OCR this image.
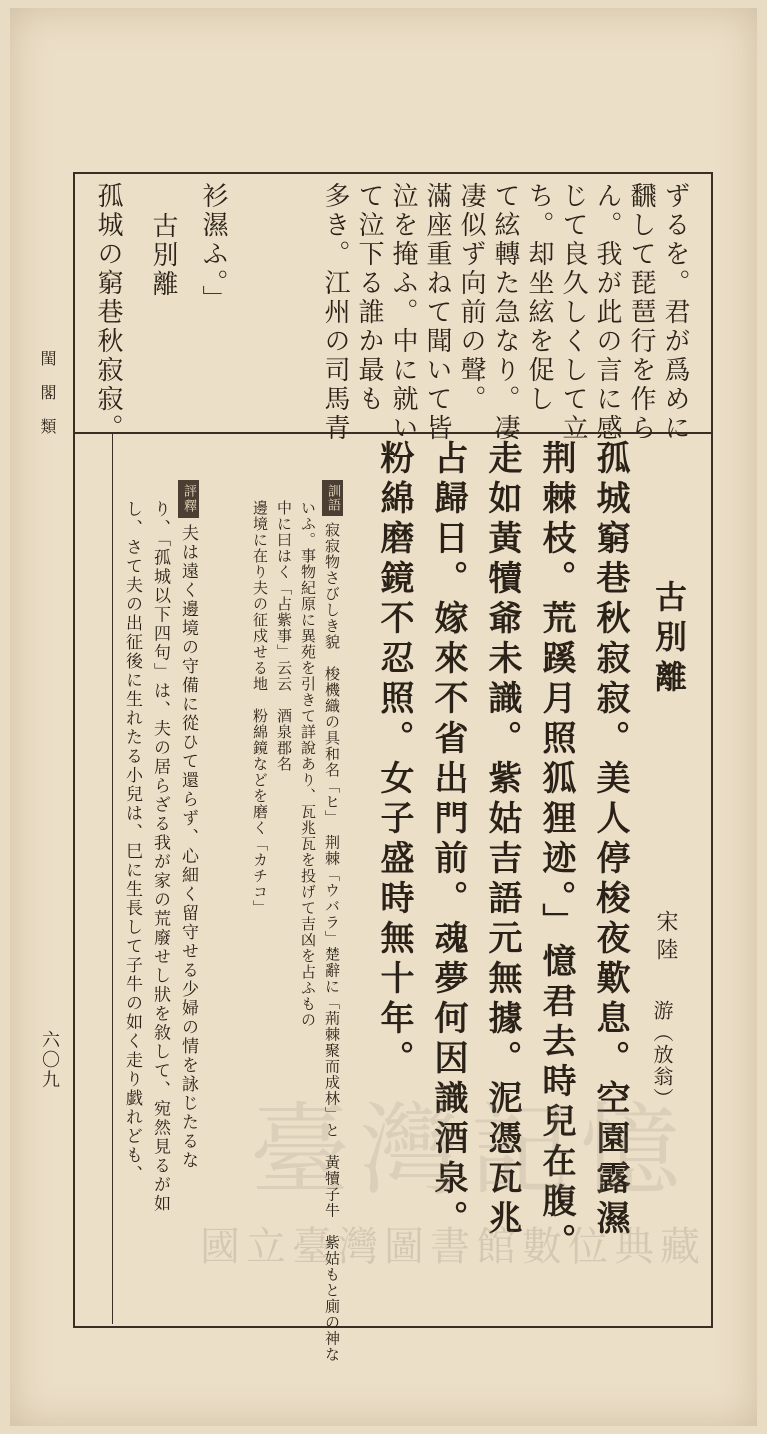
閨閣類
六〇九
ずるを。君が爲めに
飜して琵琶行を作ら
ん。我が此の言に感
じて良久しくして立
ち。却坐絃を促し
て絃轉た急なり。凄
凄似ず向前の聲。
滿座重ねて聞いて皆
泣を掩ふ。中に就い
て泣下る誰か最も
多き。江州の司馬青
衫濕ふ。」
古別離
孤城の窮巷秋寂寂。
古別離
宋陸
游（放翁）
孤城窮巷秋寂寂。美人停梭夜歎息。空園露濕
荆棘枝。荒蹊月照狐狸迹。」憶君去時兒在腹。
走如黃犢爺未識。紫姑吉語元無據。泥憑瓦兆
占歸日。嫁來不省出門前。魂夢何因識酒泉。
粉綿磨鏡不忍照。女子盛時無十年。
訓語寂寂物さびしき貌　梭機織の具和名「ヒ」　荆棘「ウバラ」楚辭に「荊棘聚而成林」と　黃犢子牛　紫姑もと廁の神な
いふ。事物紀原に異苑を引きて詳說あり、瓦兆瓦を投げて吉凶を占ふもの
中に曰はく「占紫事」云云　酒泉郡名
邊境に在り夫の征戍せる地　粉綿鏡などを磨く「カチコ」
評釋夫は遠く邊境の守備に從ひて還らず、心細く留守せる少婦の情を詠じたるな
り、「孤城以下四句」は、夫の居らざる我が家の荒廢せし狀を敘して、宛然見るが如
し、さて夫の出征後に生れたる小兒は、巳に生長して子牛の如く走り戯れども、 臺灣記憶
國立臺灣圖書館數位典藏
